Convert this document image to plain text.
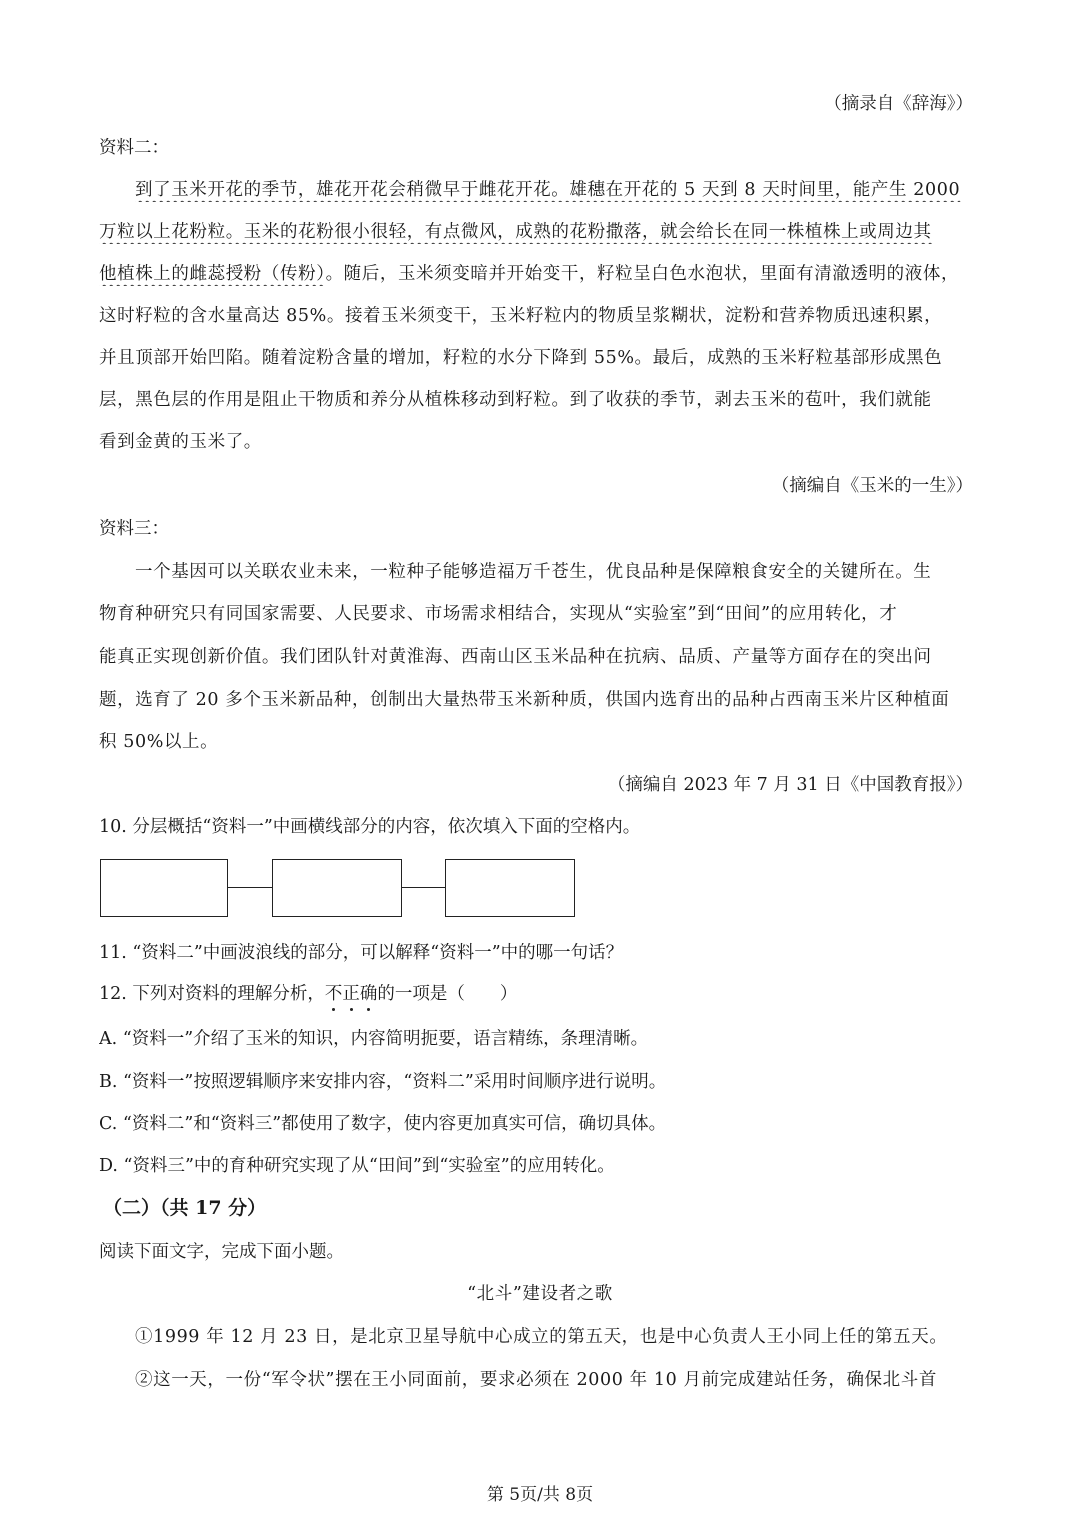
（摘录自《辞海》）
资料二：
到了玉米开花的季节，雄花开花会稍微早于雌花开花。雄穗在开花的 5 天到 8 天时间里，能产生 2000
万粒以上花粉粒。玉米的花粉很小很轻，有点微风，成熟的花粉撒落，就会给长在同一株植株上或周边其
他植株上的雌蕊授粉（传粉）。随后，玉米须变暗并开始变干，籽粒呈白色水泡状，里面有清澈透明的液体，
这时籽粒的含水量高达 85%。接着玉米须变干，玉米籽粒内的物质呈浆糊状，淀粉和营养物质迅速积累，
并且顶部开始凹陷。随着淀粉含量的增加，籽粒的水分下降到 55%。最后，成熟的玉米籽粒基部形成黑色
层，黑色层的作用是阻止干物质和养分从植株移动到籽粒。到了收获的季节，剥去玉米的苞叶，我们就能
看到金黄的玉米了。
（摘编自《玉米的一生》）
资料三：
一个基因可以关联农业未来，一粒种子能够造福万千苍生，优良品种是保障粮食安全的关键所在。生
物育种研究只有同国家需要、人民要求、市场需求相结合，实现从“实验室”到“田间”的应用转化，才
能真正实现创新价值。我们团队针对黄淮海、西南山区玉米品种在抗病、品质、产量等方面存在的突出问
题，选育了 20 多个玉米新品种，创制出大量热带玉米新种质，供国内选育出的品种占西南玉米片区种植面
积 50%以上。
（摘编自 2023 年 7 月 31 日《中国教育报》）
10. 分层概括“资料一”中画横线部分的内容，依次填入下面的空格内。
11. “资料二”中画波浪线的部分，可以解释“资料一”中的哪一句话？
12. 下列对资料的理解分析，不正确的一项是（　　）
A. “资料一”介绍了玉米的知识，内容简明扼要，语言精练，条理清晰。
B. “资料一”按照逻辑顺序来安排内容，“资料二”采用时间顺序进行说明。
C. “资料二”和“资料三”都使用了数字，使内容更加真实可信，确切具体。
D. “资料三”中的育种研究实现了从“田间”到“实验室”的应用转化。
（二）（共 17 分）
阅读下面文字，完成下面小题。
“北斗”建设者之歌
①1999 年 12 月 23 日，是北京卫星导航中心成立的第五天，也是中心负责人王小同上任的第五天。
②这一天，一份“军令状”摆在王小同面前，要求必须在 2000 年 10 月前完成建站任务，确保北斗首
第 5页/共 8页
